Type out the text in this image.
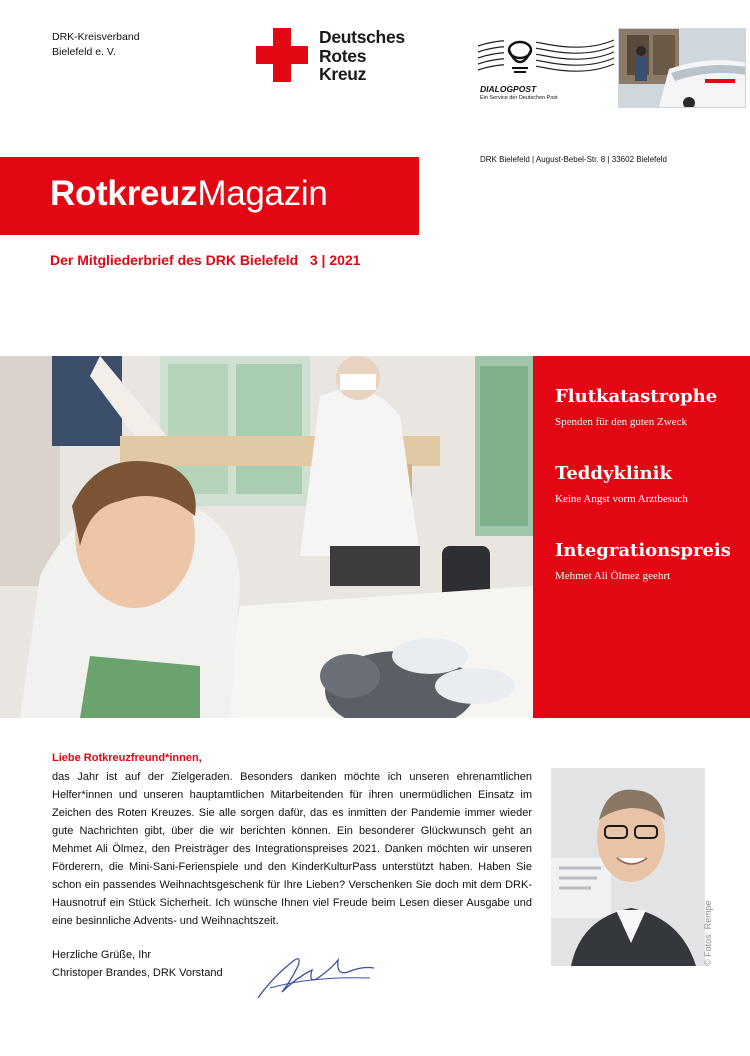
DRK-Kreisverband
Bielefeld e. V.
Deutsches
Rotes
Kreuz
DIALOGPOST
Ein Service der Deutschen Post
DRK Bielefeld | August-Bebel-Str. 8 | 33602 Bielefeld
RotkreuzMagazin
Der Mitgliederbrief des DRK Bielefeld   3 | 2021
Flutkatastrophe
Spenden für den guten Zweck
Teddyklinik
Keine Angst vorm Arztbesuch
Integrationspreis
Mehmet Ali Ölmez geehrt
Liebe Rotkreuzfreund*innen,
das Jahr ist auf der Zielgeraden. Besonders danken möchte ich unseren ehrenamtlichen Helfer*innen und unseren hauptamtlichen Mitarbeitenden für ihren unermüdlichen Einsatz im Zeichen des Roten Kreuzes. Sie alle sorgen dafür, das es inmitten der Pandemie immer wieder gute Nachrichten gibt, über die wir berichten können. Ein besonderer Glückwunsch geht an Mehmet Ali Ölmez, den Preisträger des Integrationspreises 2021. Danken möchten wir unseren Förderern, die Mini-Sani-Ferienspiele und den KinderKulturPass unterstützt haben. Haben Sie schon ein passendes Weihnachtsgeschenk für Ihre Lieben? Verschenken Sie doch mit dem DRK-Hausnotruf ein Stück Sicherheit. Ich wünsche Ihnen viel Freude beim Lesen dieser Ausgabe und eine besinnliche Advents- und Weihnachtszeit.
Herzliche Grüße, Ihr
Christoper Brandes, DRK Vorstand
© Fotos: Rempe
